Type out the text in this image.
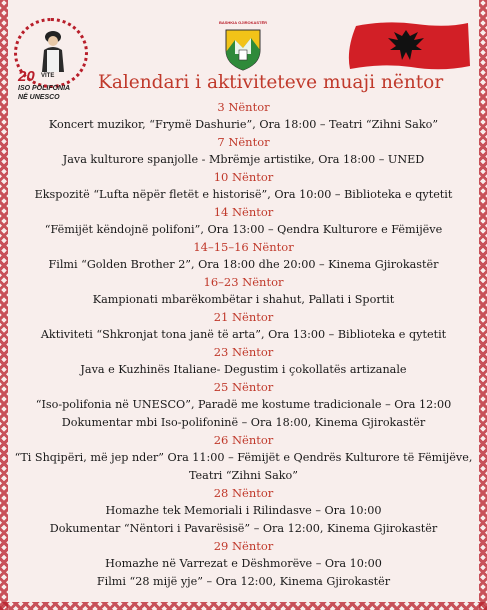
20 VITE
ISO POLIFONIA
NË UNESCO
BASHKIA GJIROKASTËR
Kalendari i aktiviteteve muaji nëntor
3 Nëntor
Koncert muzikor, “Frymë Dashurie”, Ora 18:00 – Teatri “Zihni Sako”
7 Nëntor
Java kulturore spanjolle - Mbrëmje artistike, Ora 18:00 – UNED
10 Nëntor
Ekspozitë “Lufta nëpër fletët e historisë”, Ora 10:00 – Biblioteka e qytetit
14 Nëntor
“Fëmijët këndojnë polifoni”, Ora 13:00 – Qendra Kulturore e Fëmijëve
14–15–16 Nëntor
Filmi “Golden Brother 2”, Ora 18:00 dhe 20:00 – Kinema Gjirokastër
16–23 Nëntor
Kampionati mbarëkombëtar i shahut, Pallati i Sportit
21 Nëntor
Aktiviteti “Shkronjat tona janë të arta”, Ora 13:00 – Biblioteka e qytetit
23 Nëntor
Java e Kuzhinës Italiane- Degustim i çokollatës artizanale
25 Nëntor
“Iso-polifonia në UNESCO”, Paradë me kostume tradicionale – Ora 12:00
Dokumentar mbi Iso-polifoninë – Ora 18:00, Kinema Gjirokastër
26 Nëntor
“Ti Shqipëri, më jep nder” Ora 11:00 – Fëmijët e Qendrës Kulturore të Fëmijëve,
Teatri “Zihni Sako”
28 Nëntor
Homazhe tek Memoriali i Rilindasve – Ora 10:00
Dokumentar “Nëntori i Pavarësisë” – Ora 12:00, Kinema Gjirokastër
29 Nëntor
Homazhe në Varrezat e Dëshmorëve – Ora 10:00
Filmi “28 mijë yje” – Ora 12:00, Kinema Gjirokastër
